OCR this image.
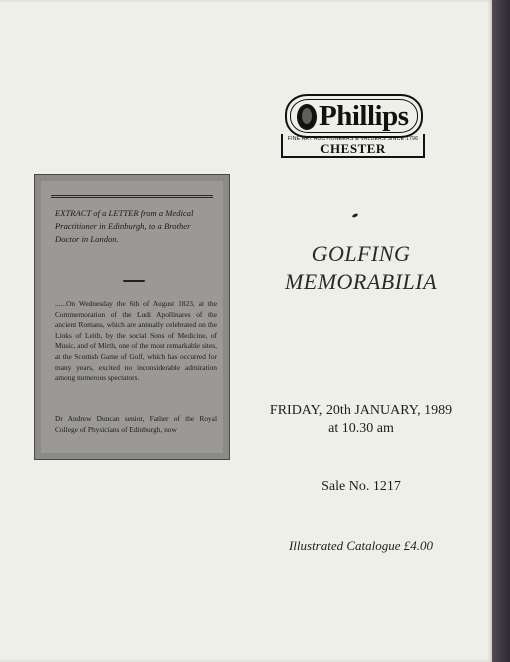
Phillips
FINE ART AUCTIONEERS & VALUERS SINCE 1796
CHESTER
GOLFING
MEMORABILIA
FRIDAY, 20th JANUARY, 1989
at 10.30 am
Sale No. 1217
Illustrated Catalogue £4.00
EXTRACT of a LETTER from a Medical Practitioner in Edinburgh, to a Brother Doctor in London.
......On Wednesday the 6th of August 1823, at the Commemoration of the Ludi Apollinares of the ancient Romans, which are annually celebrated on the Links of Leith, by the social Sons of Medicine, of Music, and of Mirth, one of the most remarkable sites, at the Scottish Game of Golf, which has occurred for many years, excited no inconsiderable admiration among numerous spectators.
Dr Andrew Duncan senior, Father of the Royal College of Physicians of Edinburgh, now
